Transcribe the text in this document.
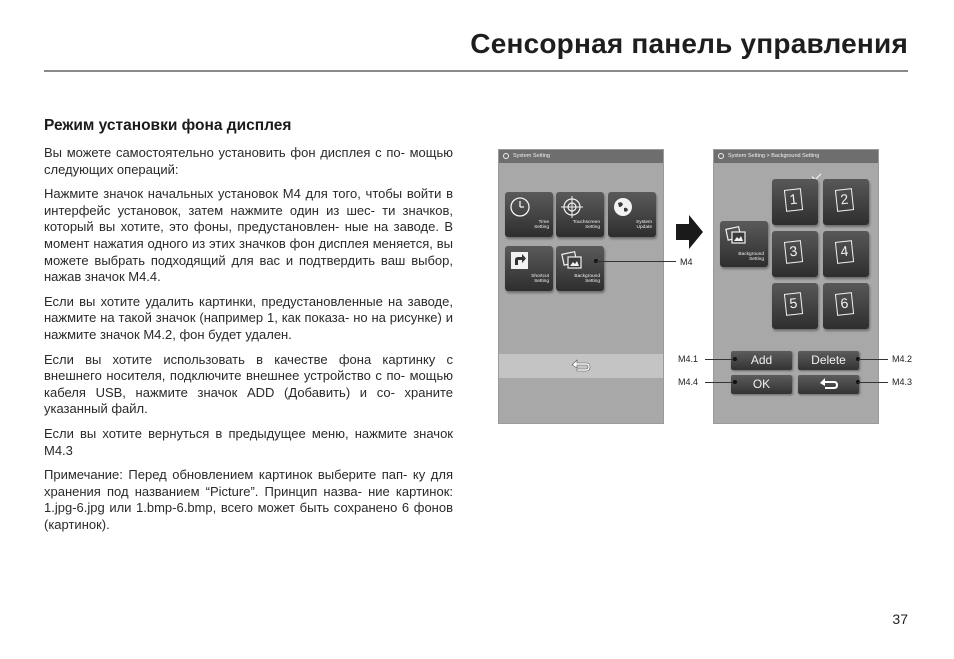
Сенсорная панель управления
Режим установки фона дисплея

Вы можете самостоятельно установить фон дисплея с по- мощью следующих операций:

Нажмите значок начальных установок M4 для того, чтобы войти в интерфейс установок, затем нажмите один из шес- ти значков, который вы хотите, это фоны, предустановлен- ные на заводе. В момент нажатия одного из этих значков фон дисплея меняется, вы можете выбрать подходящий для вас и подтвердить ваш выбор, нажав значок M4.4.

Если вы хотите удалить картинки, предустановленные на заводе, нажмите на такой значок (например 1, как показа- но на рисунке) и нажмите значок M4.2, фон будет удален.

Если вы хотите использовать в качестве фона картинку с внешнего носителя, подключите внешнее устройство с по- мощью кабеля USB, нажмите значок ADD (Добавить) и со- храните указанный файл.

Если вы хотите вернуться в предыдущее меню, нажмите значок M4.3

Примечание: Перед обновлением картинок выберите пап- ку для хранения под названием “Picture”. Принцип назва- ние картинок: 1.jpg-6.jpg или 1.bmp-6.bmp, всего может быть сохранено 6 фонов (картинок).

System Setting
Time
Setting
Touchscreen
Setting
System
Update
Shortcut
Setting
Background
Setting
System Setting > Background Setting
Background
Setting
1	2
3	4
5	6
Add	Delete
OK
M4
M4.1
M4.4
M4.2
M4.3
37
